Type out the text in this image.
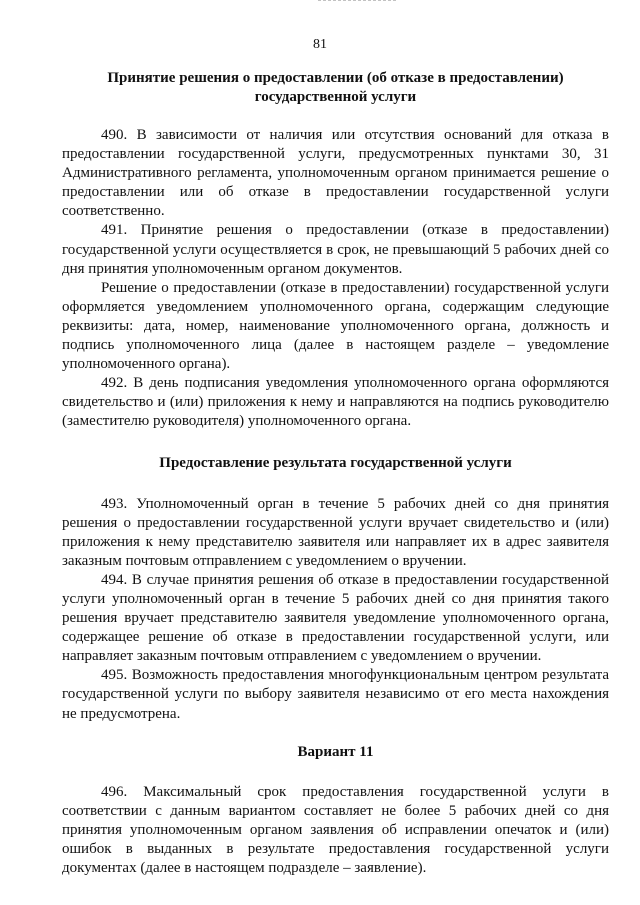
81
Принятие решения о предоставлении (об отказе в предоставлении) государственной услуги

490. В зависимости от наличия или отсутствия оснований для отказа в предоставлении государственной услуги, предусмотренных пунктами 30, 31 Административного регламента, уполномоченным органом принимается решение о предоставлении или об отказе в предоставлении государственной услуги соответственно.

491. Принятие решения о предоставлении (отказе в предоставлении) государственной услуги осуществляется в срок, не превышающий 5 рабочих дней со дня принятия уполномоченным органом документов.

Решение о предоставлении (отказе в предоставлении) государственной услуги оформляется уведомлением уполномоченного органа, содержащим следующие реквизиты: дата, номер, наименование уполномоченного органа, должность и подпись уполномоченного лица (далее в настоящем разделе – уведомление уполномоченного органа).

492. В день подписания уведомления уполномоченного органа оформляются свидетельство и (или) приложения к нему и направляются на подпись руководителю (заместителю руководителя) уполномоченного органа.

Предоставление результата государственной услуги

493. Уполномоченный орган в течение 5 рабочих дней со дня принятия решения о предоставлении государственной услуги вручает свидетельство и (или) приложения к нему представителю заявителя или направляет их в адрес заявителя заказным почтовым отправлением с уведомлением о вручении.

494. В случае принятия решения об отказе в предоставлении государственной услуги уполномоченный орган в течение 5 рабочих дней со дня принятия такого решения вручает представителю заявителя уведомление уполномоченного органа, содержащее решение об отказе в предоставлении государственной услуги, или направляет заказным почтовым отправлением с уведомлением о вручении.

495. Возможность предоставления многофункциональным центром результата государственной услуги по выбору заявителя независимо от его места нахождения не предусмотрена.

Вариант 11

496. Максимальный срок предоставления государственной услуги в соответствии с данным вариантом составляет не более 5 рабочих дней со дня принятия уполномоченным органом заявления об исправлении опечаток и (или) ошибок в выданных в результате предоставления государственной услуги документах (далее в настоящем подразделе – заявление).
